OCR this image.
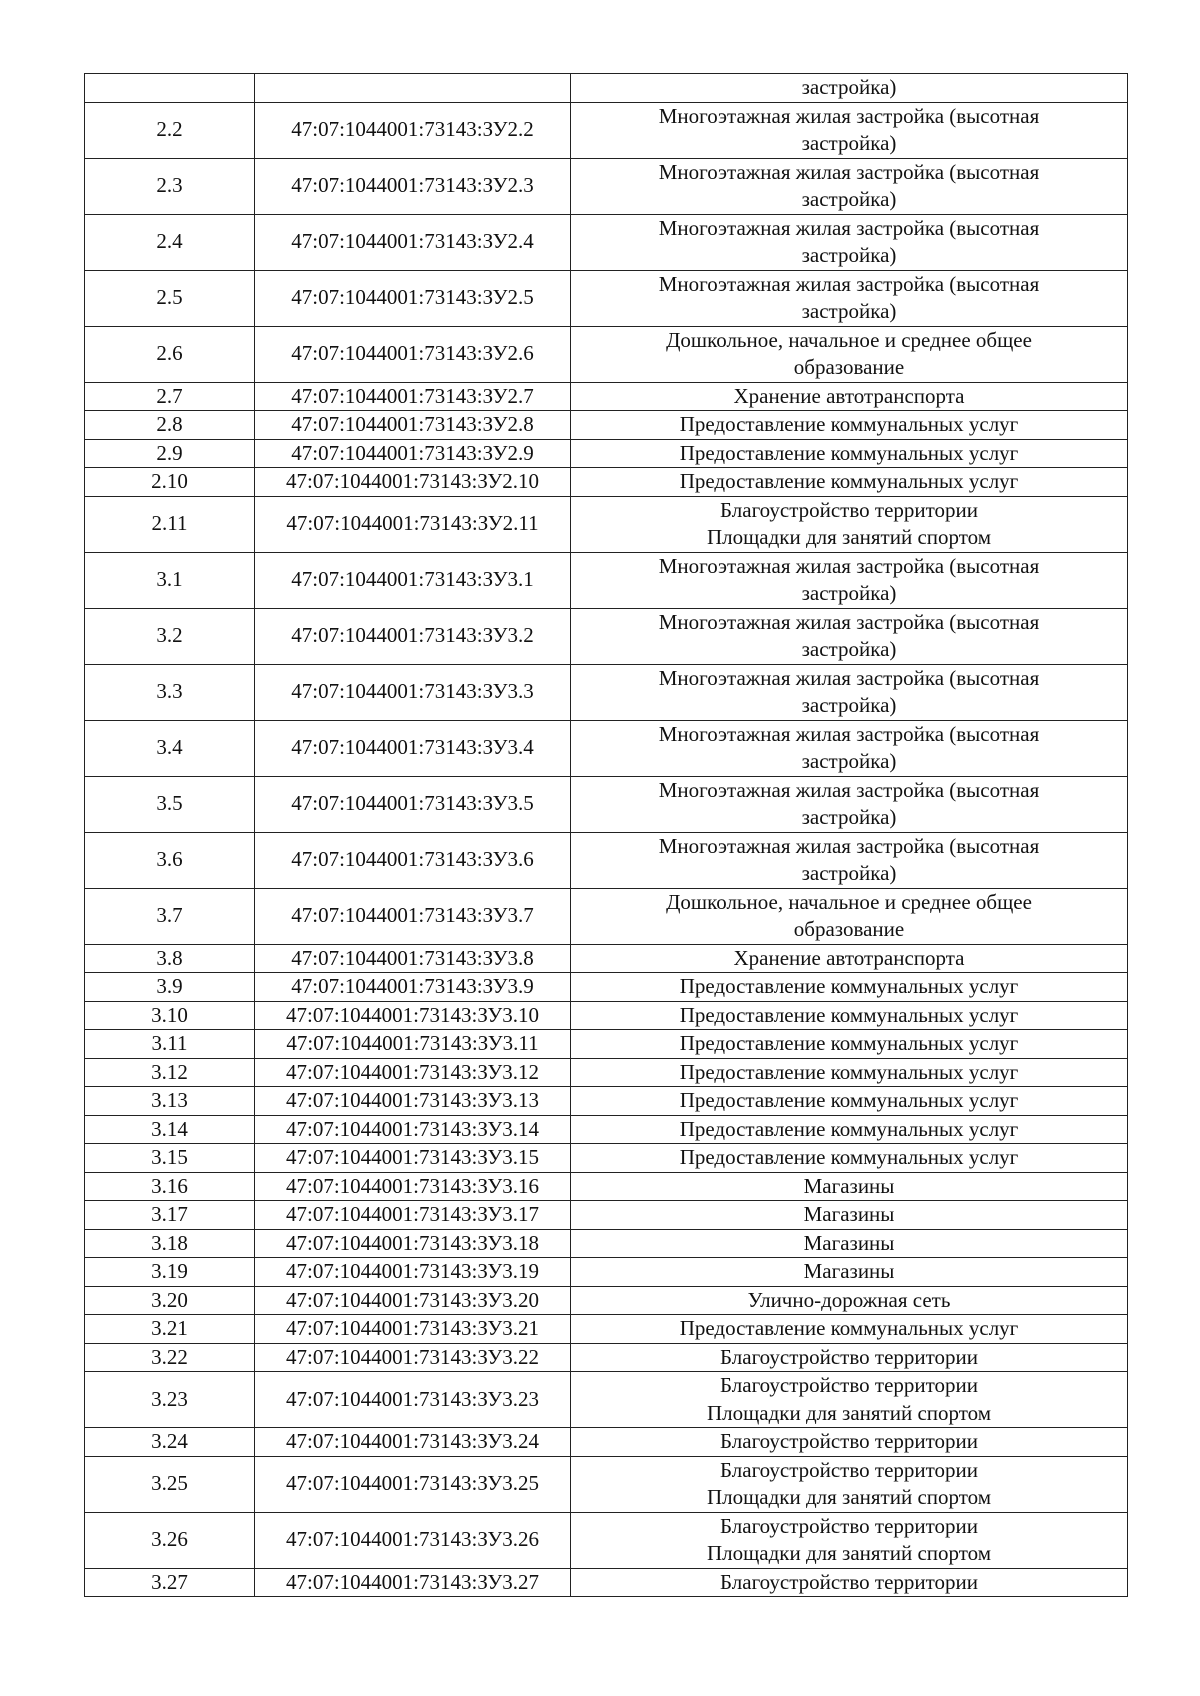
		застройка)
2.2	47:07:1044001:73143:ЗУ2.2	Многоэтажная жилая застройка (высотная
застройка)
2.3	47:07:1044001:73143:ЗУ2.3	Многоэтажная жилая застройка (высотная
застройка)
2.4	47:07:1044001:73143:ЗУ2.4	Многоэтажная жилая застройка (высотная
застройка)
2.5	47:07:1044001:73143:ЗУ2.5	Многоэтажная жилая застройка (высотная
застройка)
2.6	47:07:1044001:73143:ЗУ2.6	Дошкольное, начальное и среднее общее
образование
2.7	47:07:1044001:73143:ЗУ2.7	Хранение автотранспорта
2.8	47:07:1044001:73143:ЗУ2.8	Предоставление коммунальных услуг
2.9	47:07:1044001:73143:ЗУ2.9	Предоставление коммунальных услуг
2.10	47:07:1044001:73143:ЗУ2.10	Предоставление коммунальных услуг
2.11	47:07:1044001:73143:ЗУ2.11	Благоустройство территории
Площадки для занятий спортом
3.1	47:07:1044001:73143:ЗУ3.1	Многоэтажная жилая застройка (высотная
застройка)
3.2	47:07:1044001:73143:ЗУ3.2	Многоэтажная жилая застройка (высотная
застройка)
3.3	47:07:1044001:73143:ЗУ3.3	Многоэтажная жилая застройка (высотная
застройка)
3.4	47:07:1044001:73143:ЗУ3.4	Многоэтажная жилая застройка (высотная
застройка)
3.5	47:07:1044001:73143:ЗУ3.5	Многоэтажная жилая застройка (высотная
застройка)
3.6	47:07:1044001:73143:ЗУ3.6	Многоэтажная жилая застройка (высотная
застройка)
3.7	47:07:1044001:73143:ЗУ3.7	Дошкольное, начальное и среднее общее
образование
3.8	47:07:1044001:73143:ЗУ3.8	Хранение автотранспорта
3.9	47:07:1044001:73143:ЗУ3.9	Предоставление коммунальных услуг
3.10	47:07:1044001:73143:ЗУ3.10	Предоставление коммунальных услуг
3.11	47:07:1044001:73143:ЗУ3.11	Предоставление коммунальных услуг
3.12	47:07:1044001:73143:ЗУ3.12	Предоставление коммунальных услуг
3.13	47:07:1044001:73143:ЗУ3.13	Предоставление коммунальных услуг
3.14	47:07:1044001:73143:ЗУ3.14	Предоставление коммунальных услуг
3.15	47:07:1044001:73143:ЗУ3.15	Предоставление коммунальных услуг
3.16	47:07:1044001:73143:ЗУ3.16	Магазины
3.17	47:07:1044001:73143:ЗУ3.17	Магазины
3.18	47:07:1044001:73143:ЗУ3.18	Магазины
3.19	47:07:1044001:73143:ЗУ3.19	Магазины
3.20	47:07:1044001:73143:ЗУ3.20	Улично-дорожная сеть
3.21	47:07:1044001:73143:ЗУ3.21	Предоставление коммунальных услуг
3.22	47:07:1044001:73143:ЗУ3.22	Благоустройство территории
3.23	47:07:1044001:73143:ЗУ3.23	Благоустройство территории
Площадки для занятий спортом
3.24	47:07:1044001:73143:ЗУ3.24	Благоустройство территории
3.25	47:07:1044001:73143:ЗУ3.25	Благоустройство территории
Площадки для занятий спортом
3.26	47:07:1044001:73143:ЗУ3.26	Благоустройство территории
Площадки для занятий спортом
3.27	47:07:1044001:73143:ЗУ3.27	Благоустройство территории
